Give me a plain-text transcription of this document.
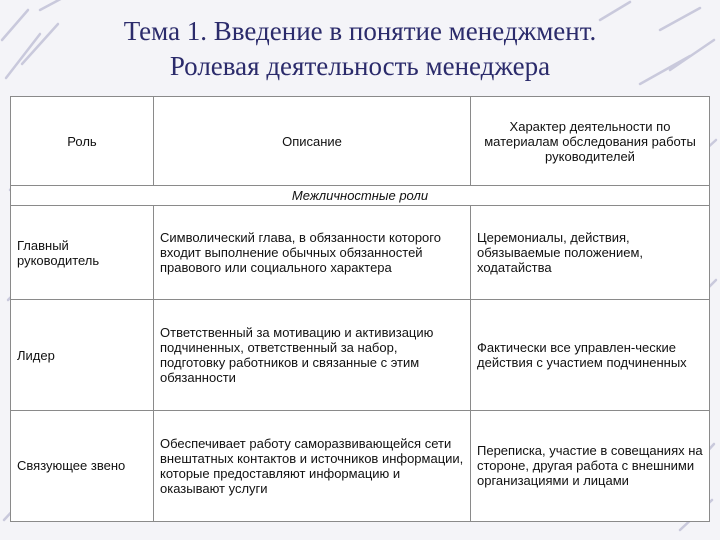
Тема 1. Введение в понятие менеджмент.
Ролевая деятельность менеджера
Роль	Описание	Характер деятельности по материалам обследования работы руководителей
Межличностные роли		
Главный руководитель	Символический глава, в обязанности которого входит выполнение обычных обязанностей правового или социального характера	Церемониалы, действия, обязываемые положением, ходатайства
Лидер	Ответственный за мотивацию и активизацию подчиненных, ответственный за набор, подготовку работников и связанные с этим обязанности	Фактически все управлен-ческие действия с участием подчиненных
Связующее звено	Обеспечивает работу саморазвивающейся сети внештатных контактов и источников информации, которые предоставляют информацию и оказывают услуги	Переписка, участие в совещаниях на стороне, другая работа с внешними организациями и лицами
